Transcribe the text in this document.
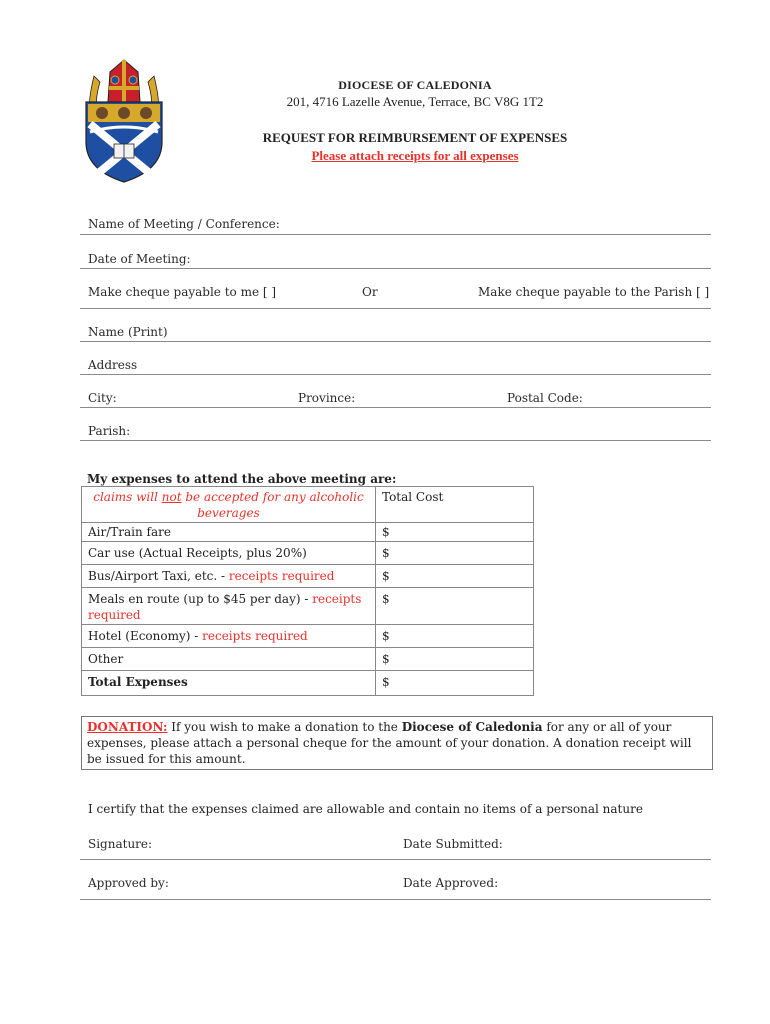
DIOCESE OF CALEDONIA
201, 4716 Lazelle Avenue, Terrace, BC V8G 1T2
REQUEST FOR REIMBURSEMENT OF EXPENSES
Please attach receipts for all expenses
Name of Meeting / Conference:
Date of Meeting:
Make cheque payable to me [ ]	Or	Make cheque payable to the Parish [ ]
Name (Print)
Address
City:	Province:	Postal Code:
Parish:
My expenses to attend the above meeting are:
claims will not be accepted for any alcoholic beverages	Total Cost
Air/Train fare	$
Car use (Actual Receipts, plus 20%)	$
Bus/Airport Taxi, etc. - receipts required	$
Meals en route (up to $45 per day) - receipts required	$
Hotel (Economy) - receipts required	$
Other	$
Total Expenses	$
DONATION: If you wish to make a donation to the Diocese of Caledonia for any or all of your expenses, please attach a personal cheque for the amount of your donation. A donation receipt will be issued for this amount.
I certify that the expenses claimed are allowable and contain no items of a personal nature
Signature:	Date Submitted:
Approved by:	Date Approved:
